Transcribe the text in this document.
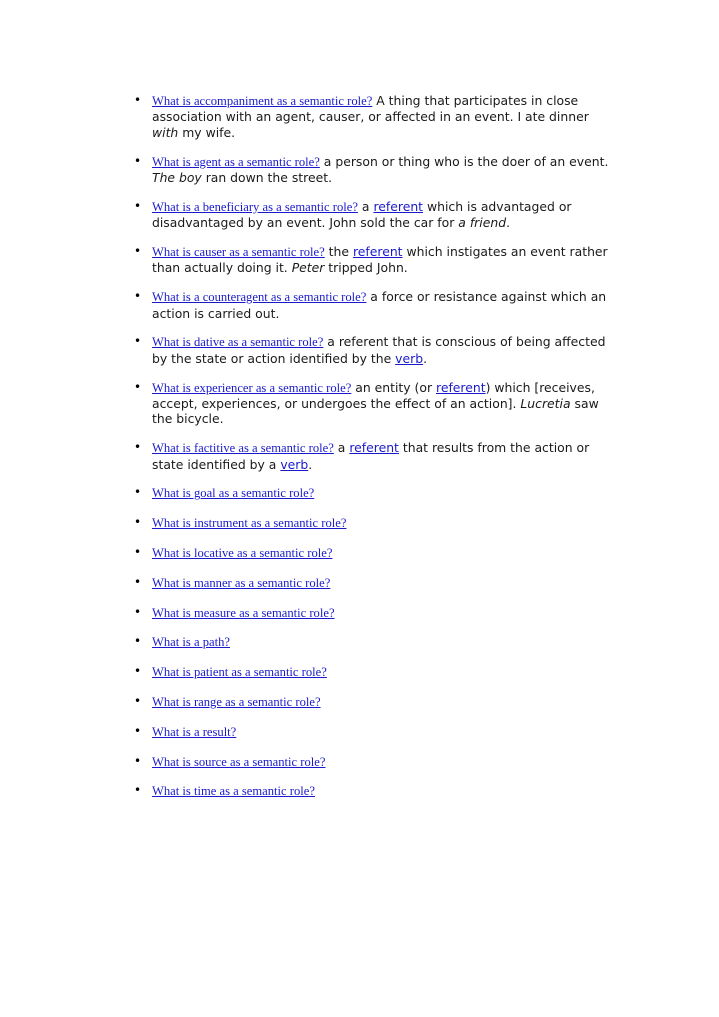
• What is accompaniment as a semantic role? A thing that participates in close association with an agent, causer, or affected in an event. I ate dinner with my wife.
• What is agent as a semantic role? a person or thing who is the doer of an event. The boy ran down the street.
• What is a beneficiary as a semantic role? a referent which is advantaged or disadvantaged by an event. John sold the car for a friend.
• What is causer as a semantic role? the referent which instigates an event rather than actually doing it. Peter tripped John.
• What is a counteragent as a semantic role? a force or resistance against which an action is carried out.
• What is dative as a semantic role? a referent that is conscious of being affected by the state or action identified by the verb.
• What is experiencer as a semantic role? an entity (or referent) which [receives, accept, experiences, or undergoes the effect of an action]. Lucretia saw the bicycle.
• What is factitive as a semantic role? a referent that results from the action or state identified by a verb.
• What is goal as a semantic role?
• What is instrument as a semantic role?
• What is locative as a semantic role?
• What is manner as a semantic role?
• What is measure as a semantic role?
• What is a path?
• What is patient as a semantic role?
• What is range as a semantic role?
• What is a result?
• What is source as a semantic role?
• What is time as a semantic role?
